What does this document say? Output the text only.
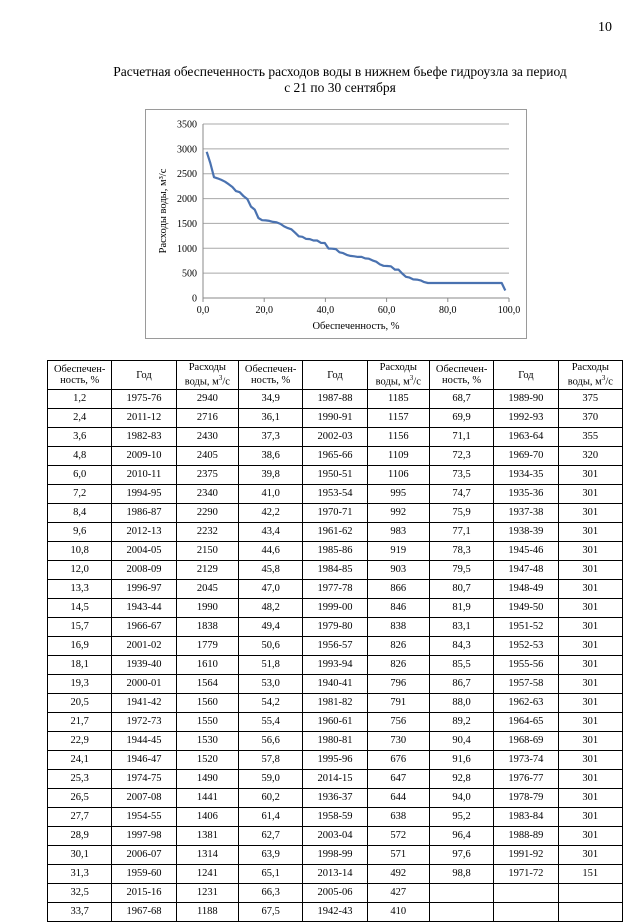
10
Расчетная обеспеченность расходов воды в нижнем бьефе гидроузла за период
с 21 по 30 сентября
0
500
1000
1500
2000
2500
3000
3500
0,0	20,0	40,0	60,0	80,0	100,0
Обеспеченность, %
Расходы воды, м³/с
Обеспечен-ность, %	Год	Расходы воды, $м^3/с$	Обеспечен-ность, %	Год	Расходы воды, $м^3/с$	Обеспечен-ность, %	Год	Расходы воды, $м^3/с$
1,2	1975-76	2940	34,9	1987-88	1185	68,7	1989-90	375
2,4	2011-12	2716	36,1	1990-91	1157	69,9	1992-93	370
3,6	1982-83	2430	37,3	2002-03	1156	71,1	1963-64	355
4,8	2009-10	2405	38,6	1965-66	1109	72,3	1969-70	320
6,0	2010-11	2375	39,8	1950-51	1106	73,5	1934-35	301
7,2	1994-95	2340	41,0	1953-54	995	74,7	1935-36	301
8,4	1986-87	2290	42,2	1970-71	992	75,9	1937-38	301
9,6	2012-13	2232	43,4	1961-62	983	77,1	1938-39	301
10,8	2004-05	2150	44,6	1985-86	919	78,3	1945-46	301
12,0	2008-09	2129	45,8	1984-85	903	79,5	1947-48	301
13,3	1996-97	2045	47,0	1977-78	866	80,7	1948-49	301
14,5	1943-44	1990	48,2	1999-00	846	81,9	1949-50	301
15,7	1966-67	1838	49,4	1979-80	838	83,1	1951-52	301
16,9	2001-02	1779	50,6	1956-57	826	84,3	1952-53	301
18,1	1939-40	1610	51,8	1993-94	826	85,5	1955-56	301
19,3	2000-01	1564	53,0	1940-41	796	86,7	1957-58	301
20,5	1941-42	1560	54,2	1981-82	791	88,0	1962-63	301
21,7	1972-73	1550	55,4	1960-61	756	89,2	1964-65	301
22,9	1944-45	1530	56,6	1980-81	730	90,4	1968-69	301
24,1	1946-47	1520	57,8	1995-96	676	91,6	1973-74	301
25,3	1974-75	1490	59,0	2014-15	647	92,8	1976-77	301
26,5	2007-08	1441	60,2	1936-37	644	94,0	1978-79	301
27,7	1954-55	1406	61,4	1958-59	638	95,2	1983-84	301
28,9	1997-98	1381	62,7	2003-04	572	96,4	1988-89	301
30,1	2006-07	1314	63,9	1998-99	571	97,6	1991-92	301
31,3	1959-60	1241	65,1	2013-14	492	98,8	1971-72	151
32,5	2015-16	1231	66,3	2005-06	427			
33,7	1967-68	1188	67,5	1942-43	410			
